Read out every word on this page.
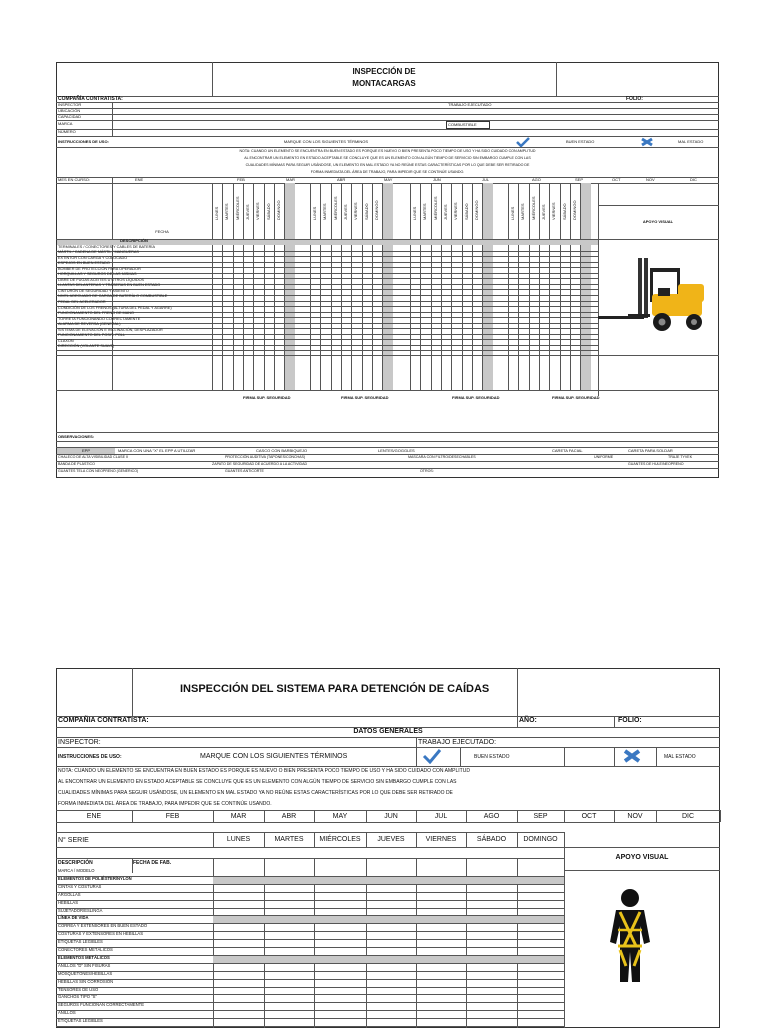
INSPECCIÓN DE
MONTACARGAS
COMPAÑÍA CONTRATISTA:	FOLIO:
INSPECTOR	TRABAJO EJECUTADO
UBICACIÓN
CAPACIDAD
MARCA	COMBUSTIBLE
NÚMERO
INSTRUCCIONES DE USO:	MARQUE CON LOS SIGUIENTES TÉRMINOS	BUEN ESTADO	MAL ESTADO
NOTA: CUANDO UN ELEMENTO SE ENCUENTRA EN BUEN ESTADO ES PORQUE ES NUEVO O BIEN PRESENTA POCO TIEMPO DE USO Y HA SIDO CUIDADO CON AMPLITUD
AL ENCONTRAR UN ELEMENTO EN ESTADO ACEPTABLE SE CONCLUYE QUE ES UN ELEMENTO CON ALGÚN TIEMPO DE SERVICIO SIN EMBARGO CUMPLE CON LAS
CUALIDADES MÍNIMAS PARA SEGUIR USÁNDOSE, UN ELEMENTO EN MAL ESTADO YA NO REÚNE ESTAS CARACTERÍSTICAS POR LO QUE DEBE SER RETIRADO DE
FORMA INMEDIATA DEL ÁREA DE TRABAJO, PARA IMPEDIR QUE SE CONTINÚE USANDO.
MES EN CURSO:	ENE	FEB	MAR	ABR	MAY	JUN	JUL	AGO	SEP	OCT	NOV	DIC
LUNES MARTES MIÉRCOLES JUEVES VIERNES SÁBADO DOMINGO	LUNES MARTES MIÉRCOLES JUEVES VIERNES SÁBADO DOMINGO	LUNES MARTES MIÉRCOLES JUEVES VIERNES SÁBADO DOMINGO	LUNES MARTES MIÉRCOLES JUEVES VIERNES SÁBADO DOMINGO
TERMINALES / CONECTORES Y CABLES DE BATERÍA
MÁSTIL / CADENA DE MÁSTIL / MANGUERAS
EXTINTOR CON CARGA Y COLOCADO
ESPEJOS EN BUEN ESTADO
BOMBER DE PROTECCIÓN PARA OPERADOR
HORQUILLAS Y SEGUROS DE LAS MISMAS
LIBRE DE FUGAS ACEITES U OTROS LÍQUIDOS
LLANTAS DELANTERAS Y TRASERAS EN BUEN ESTADO
CINTURÓN DE SEGURIDAD Y ASIENTO
NIVEL ADECUADO DE CARGA DE BATERÍA O COMBUSTIBLE
PEDAL DEL ACELERADOR
CONDICIÓN DE LOS FRENOS (ALTURA DEL PEDAL Y AGARRE)
FUNCIONAMIENTO DEL FRENO DE MANO
TORRETA FUNCIONANDO CORRECTAMENTE
ALARMA DE REVERSA (GENERAL)
SISTEMA DE ELEVACIÓN E INCLINACIÓN, DESPLAZADOR
FUNCIONAMIENTO DEL POSIT- POLL
CLAXON
DIRECCIÓN (VOLANTE SUAVE)
FECHA
APOYO VISUAL
DESCRIPCIÓN
FIRMA SUP. SEGURIDAD	FIRMA SUP. SEGURIDAD	FIRMA SUP. SEGURIDAD	FIRMA SUP. SEGURIDAD
OBSERVACIONES:
EPP	MARCA CON UNA "X" EL EPP A UTILIZAR	CASCO CON BARBIQUEJO	LENTES/GOGGLES	CARETA FACIAL	CARETA PARA SOLDAR
CHALECO DE ALTA VISIBILIDAD CLASE II	PROTECCIÓN AUDITIVA (TAPONES/CONCHAS)	MASCARA CON FILTRO/DESECHABLES	UNIFORME	TRAJE TYVEK
BANDA DE PLÁSTICO	ZAPATO DE SEGURIDAD DE ACUERDO A LA ACTIVIDAD	GUANTES DE HULE/NEOPRENO
GUANTES TELA CON NEOPRENO (GENERICO)	GUANTES ANTICORTE	OTROS:
INSPECCIÓN DEL SISTEMA PARA DETENCIÓN DE CAÍDAS
COMPAÑIA CONTRATISTA:	AÑO:	FOLIO:
DATOS GENERALES
INSPECTOR:	TRABAJO EJECUTADO:
INSTRUCCIONES DE USO:	MARQUE CON LOS SIGUIENTES TÉRMINOS	BUEN ESTADO	MAL ESTADO
NOTA: CUANDO UN ELEMENTO SE ENCUENTRA EN BUEN ESTADO ES PORQUE ES NUEVO O BIEN PRESENTA POCO TIEMPO DE USO Y HA SIDO CUIDADO CON AMPLITUD
AL ENCONTRAR UN ELEMENTO EN ESTADO ACEPTABLE SE CONCLUYE QUE ES UN ELEMENTO CON ALGÚN TIEMPO DE SERVICIO SIN EMBARGO CUMPLE CON LAS
CUALIDADES MÍNIMAS PARA SEGUIR USÁNDOSE, UN ELEMENTO EN MAL ESTADO YA NO REÚNE ESTAS CARACTERÍSTICAS POR LO QUE DEBE SER RETIRADO DE
FORMA INMEDIATA DEL ÁREA DE TRABAJO, PARA IMPEDIR QUE SE CONTINÚE USANDO.
ENE	FEB	MAR	ABR	MAY	JUN	JUL	AGO	SEP	OCT	NOV	DIC
N° SERIE	LUNES	MARTES	MIÉRCOLES	JUEVES	VIERNES	SÁBADO	DOMINGO
APOYO VISUAL
DESCRIPCIÓN	FECHA DE FAB.
MARCA / MODELO
ELEMENTOS DE POLIÉSTER/NYLON
CINTAS Y COSTURAS
ARGOLLAS
HEBILLAS
SUJETADOR/ESLINGA
LÍNEA DE VIDA
CORREA Y EXTENSORES EN BUEN ESTADO
COSTURAS Y EXTENSORES EN HEBILLAS
ETIQUETAS LEGIBLES
CONECTORES METÁLICOS
ELEMENTOS METÁLICOS
ANILLOS "D" SIN FISURAS
MOSQUETONES/HEBILLAS
HEBILLAS SIN CORROSIÓN
TENSORES DE USO
GANCHOS TIPO "S"
SEGUROS FUNCIONAN CORRECTAMENTE
ANILLOS
ETIQUETAS LEGIBLES
